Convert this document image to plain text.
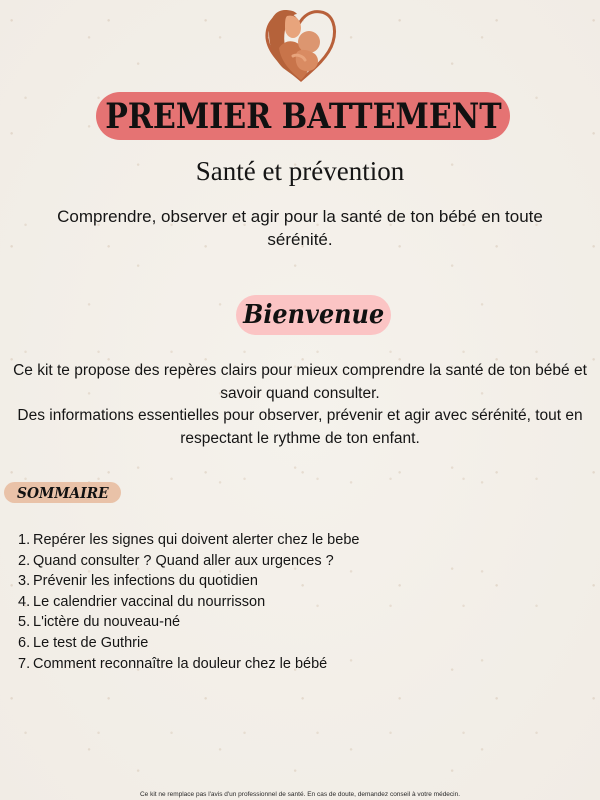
PREMIER BATTEMENT
Santé et prévention
Comprendre, observer et agir pour la santé de ton bébé en toute sérénité.
Bienvenue

Ce kit te propose des repères clairs pour mieux comprendre la santé de ton bébé et savoir quand consulter.

Des informations essentielles pour observer, prévenir et agir avec sérénité, tout en respectant le rythme de ton enfant.

SOMMAIRE
1. Repérer les signes qui doivent alerter chez le bebe
2. Quand consulter ? Quand aller aux urgences ?
3. Prévenir les infections du quotidien
4. Le calendrier vaccinal du nourrisson
5. L'ictère du nouveau-né
6. Le test de Guthrie
7. Comment reconnaître la douleur chez le bébé
Ce kit ne remplace pas l'avis d'un professionnel de santé. En cas de doute, demandez conseil à votre médecin.
